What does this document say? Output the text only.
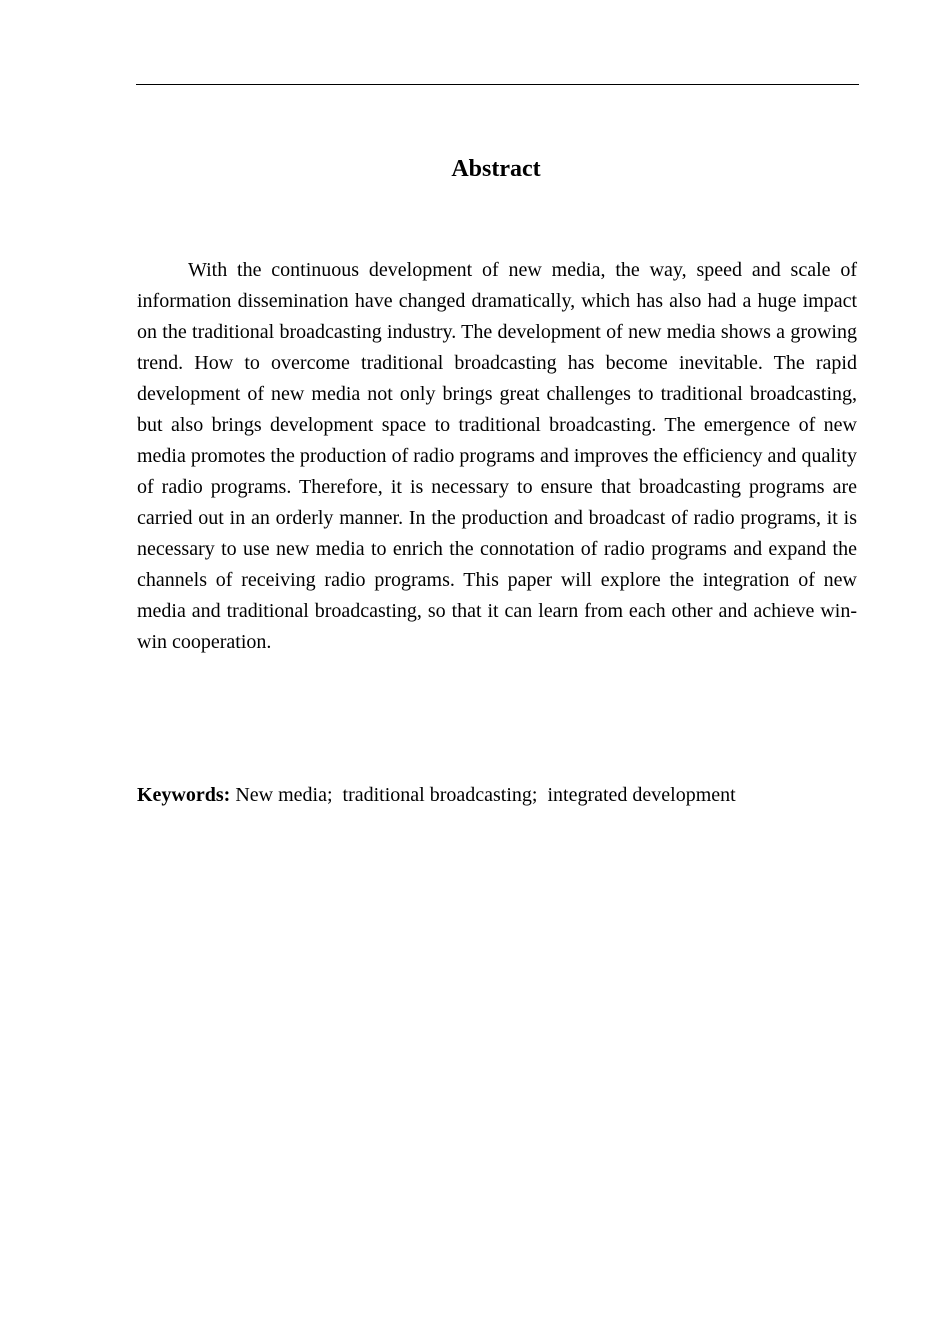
Abstract

With the continuous development of new media, the way, speed and scale of information dissemination have changed dramatically, which has also had a huge impact on the traditional broadcasting industry. The development of new media shows a growing trend. How to overcome traditional broadcasting has become inevitable. The rapid development of new media not only brings great challenges to traditional broadcasting, but also brings development space to traditional broadcasting. The emergence of new media promotes the production of radio programs and improves the efficiency and quality of radio programs. Therefore, it is necessary to ensure that broadcasting programs are carried out in an orderly manner. In the production and broadcast of radio programs, it is necessary to use new media to enrich the connotation of radio programs and expand the channels of receiving radio programs. This paper will explore the integration of new media and traditional broadcasting, so that it can learn from each other and achieve win-win cooperation.

Keywords: New media;  traditional broadcasting;  integrated development
